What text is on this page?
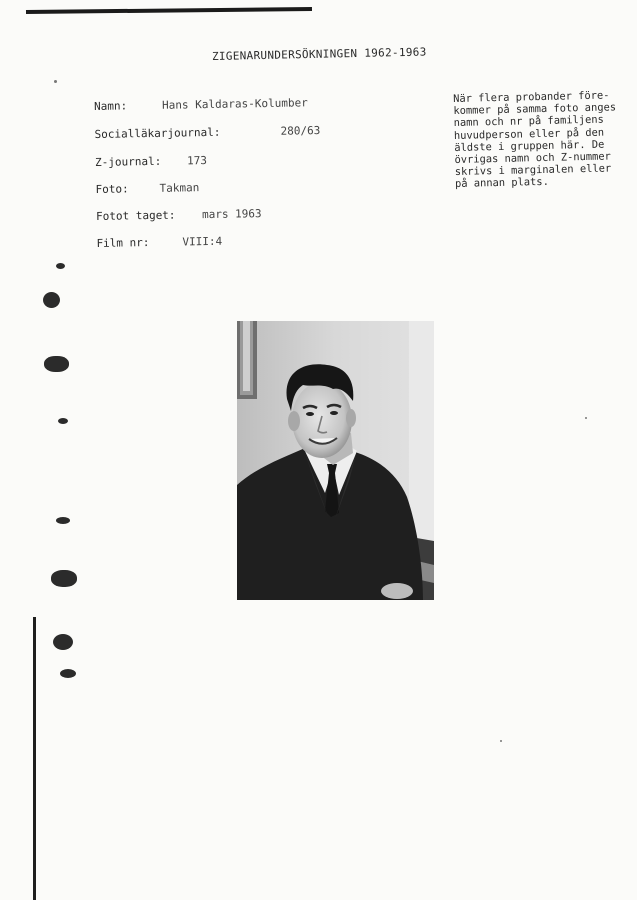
ZIGENARUNDERSÖKNINGEN 1962-1963
Namn:	Hans Kaldaras-Kolumber
Socialläkarjournal:	280/63
Z-journal: 173
Foto:	Takman
Fotot taget: mars 1963
Film nr:	VIII:4
När flera probander före-
kommer på samma foto anges
namn och nr på familjens
huvudperson eller på den
äldste i gruppen här. De
övrigas namn och Z-nummer
skrivs i marginalen eller
på annan plats.
